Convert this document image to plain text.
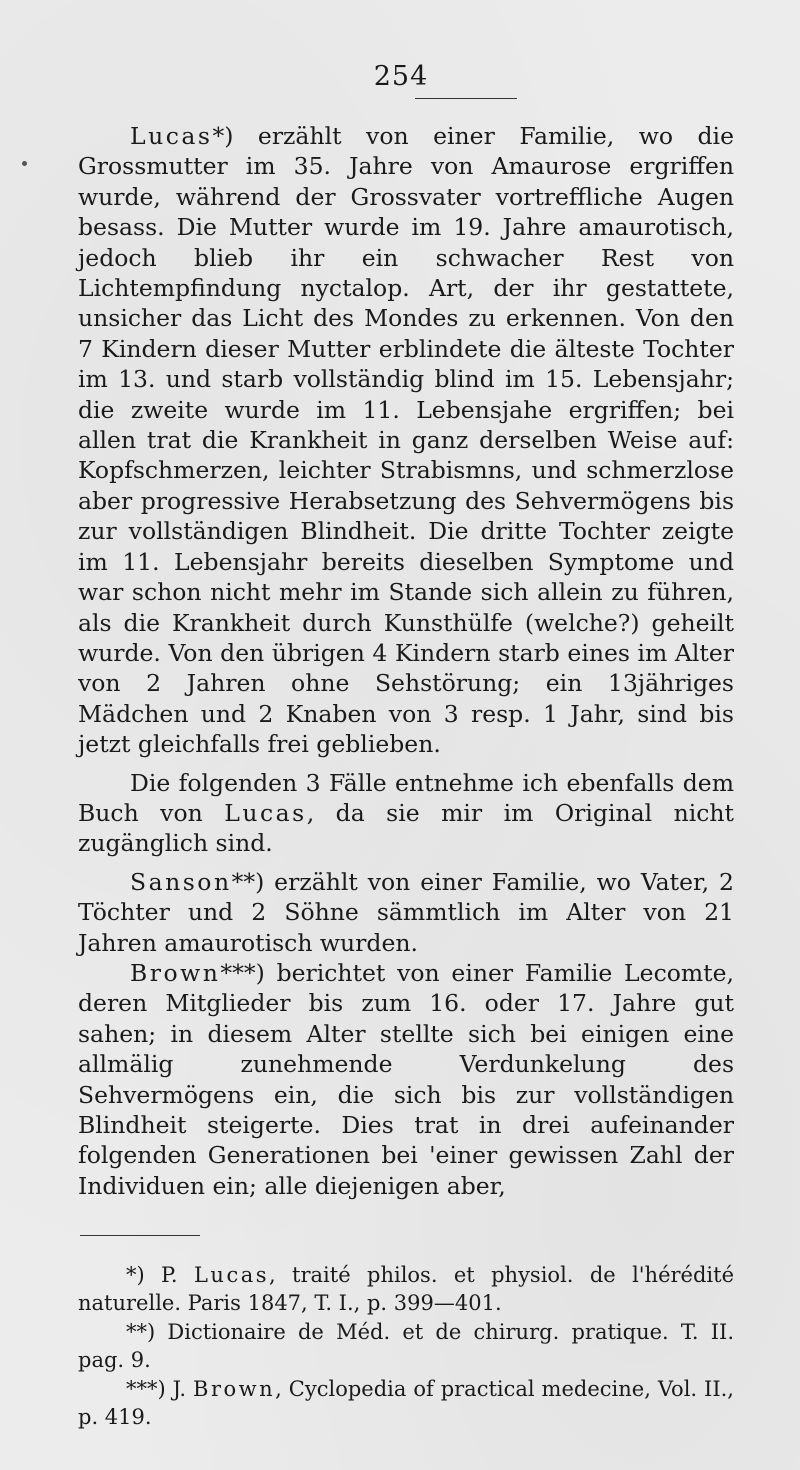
254

Lucas*) erzählt von einer Familie, wo die Grossmutter im 35. Jahre von Amaurose ergriffen wurde, während der Grossvater vortreffliche Augen besass. Die Mutter wurde im 19. Jahre amaurotisch, jedoch blieb ihr ein schwacher Rest von Lichtempfindung nyctalop. Art, der ihr gestattete, unsicher das Licht des Mondes zu erkennen. Von den 7 Kindern dieser Mutter erblindete die älteste Tochter im 13. und starb vollständig blind im 15. Lebensjahr; die zweite wurde im 11. Lebensjahe ergriffen; bei allen trat die Krankheit in ganz derselben Weise auf: Kopfschmerzen, leichter Strabismns, und schmerzlose aber progressive Herabsetzung des Sehvermögens bis zur vollständigen Blindheit. Die dritte Tochter zeigte im 11. Lebensjahr bereits dieselben Symptome und war schon nicht mehr im Stande sich allein zu führen, als die Krankheit durch Kunsthülfe (welche?) geheilt wurde. Von den übrigen 4 Kindern starb eines im Alter von 2 Jahren ohne Sehstörung; ein 13jähriges Mädchen und 2 Knaben von 3 resp. 1 Jahr, sind bis jetzt gleichfalls frei geblieben.

Die folgenden 3 Fälle entnehme ich ebenfalls dem Buch von Lucas, da sie mir im Original nicht zugänglich sind.

Sanson**) erzählt von einer Familie, wo Vater, 2 Töchter und 2 Söhne sämmtlich im Alter von 21 Jahren amaurotisch wurden.

Brown***) berichtet von einer Familie Lecomte, deren Mitglieder bis zum 16. oder 17. Jahre gut sahen; in diesem Alter stellte sich bei einigen eine allmälig zunehmende Verdunkelung des Sehvermögens ein, die sich bis zur vollständigen Blindheit steigerte. Dies trat in drei aufeinander folgenden Generationen bei 'einer gewissen Zahl der Individuen ein; alle diejenigen aber,

*) P. Lucas, traité philos. et physiol. de l'hérédité naturelle. Paris 1847, T. I., p. 399—401.

**) Dictionaire de Méd. et de chirurg. pratique. T. II. pag. 9.

***) J. Brown, Cyclopedia of practical medecine, Vol. II., p. 419.
